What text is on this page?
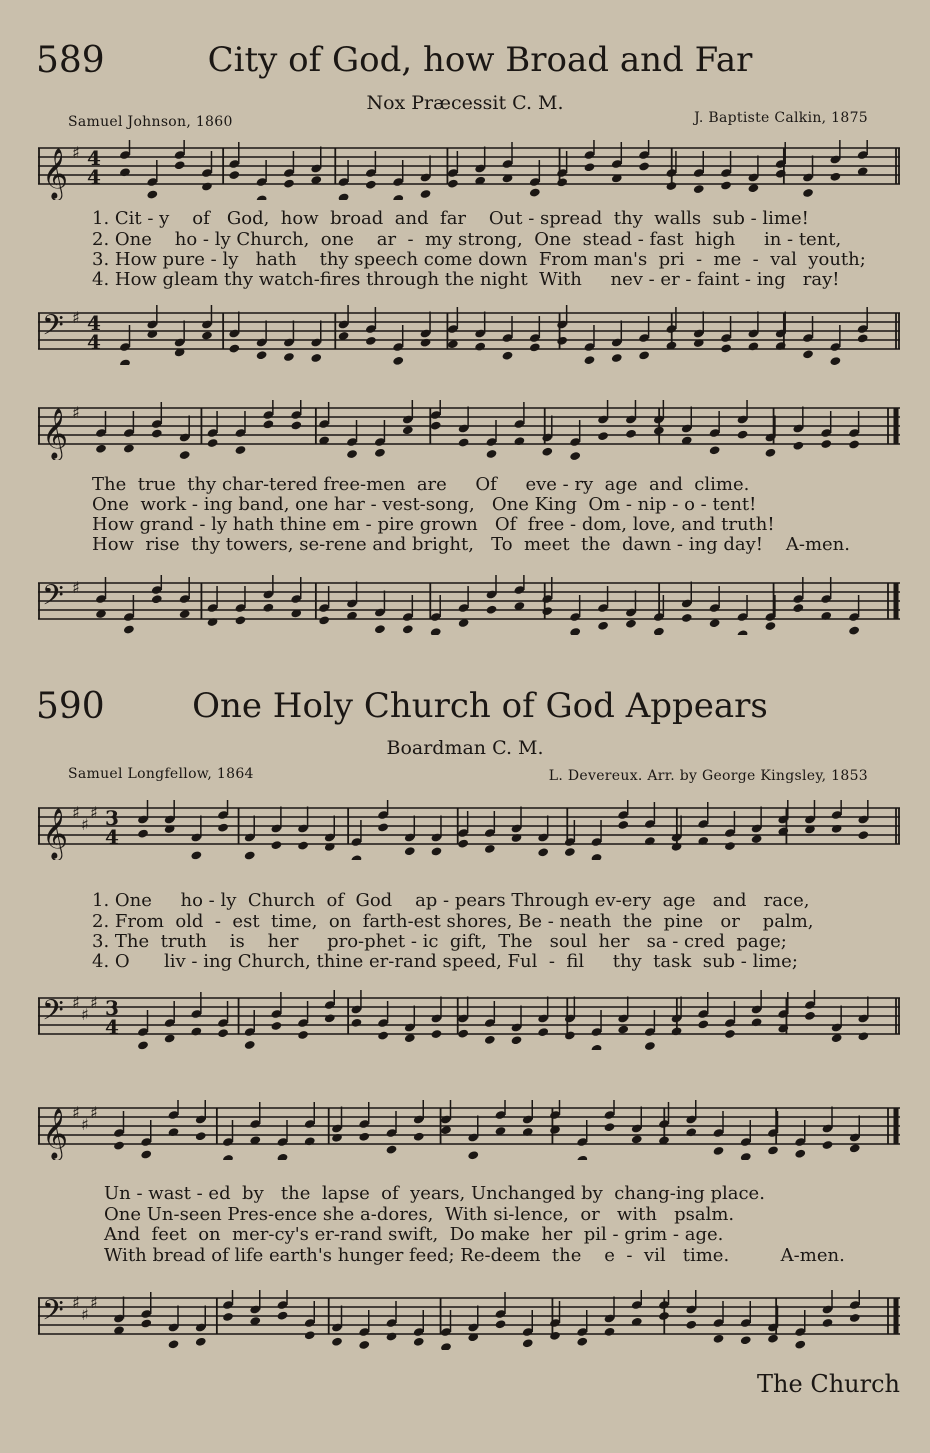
589	City of God, how Broad and Far
Nox Præcessit C. M.
Samuel Johnson, 1860	J. Baptiste Calkin, 1875
𝄞 ♯ 4
4
1. Cit - y    of   God,  how  broad  and  far    Out - spread  thy  walls  sub - lime!
2. One    ho - ly Church,  one    ar  -  my strong,  One  stead - fast  high     in - tent,
3. How pure - ly   hath    thy speech come down  From man's  pri  -  me  -  val  youth;
4. How gleam thy watch-fires through the night  With     nev - er - faint - ing   ray!
𝄢 ♯ 4
4
𝄞 ♯
The  true  thy char-tered free-men  are     Of     eve - ry  age  and  clime.
One  work - ing band, one har - vest-song,   One King  Om - nip - o - tent!
How grand - ly hath thine em - pire grown   Of  free - dom, love, and truth!
How  rise  thy towers, se-rene and bright,   To  meet  the  dawn - ing day!    A-men.
𝄢 ♯
590	One Holy Church of God Appears
Boardman C. M.
Samuel Longfellow, 1864	L. Devereux. Arr. by George Kingsley, 1853
𝄞 ♯
♯
♯ 3
4
1. One     ho - ly  Church  of  God    ap - pears Through ev-ery  age   and   race,
2. From  old  -  est  time,  on  farth-est shores, Be - neath  the  pine   or    palm,
3. The  truth    is    her     pro-phet - ic  gift,  The   soul  her   sa - cred  page;
4. O      liv - ing Church, thine er-rand speed, Ful  -  fil     thy  task  sub - lime;
𝄢 ♯
♯
♯ 3
4
𝄞 ♯
♯
♯
Un - wast - ed  by   the  lapse  of  years, Unchanged by  chang-ing place.
One Un-seen Pres-ence she a-dores,  With si-lence,  or   with   psalm.
And  feet  on  mer-cy's er-rand swift,  Do make  her  pil - grim - age.
With bread of life earth's hunger feed; Re-deem  the    e  -  vil   time.         A-men.
𝄢 ♯
♯
♯
The Church
